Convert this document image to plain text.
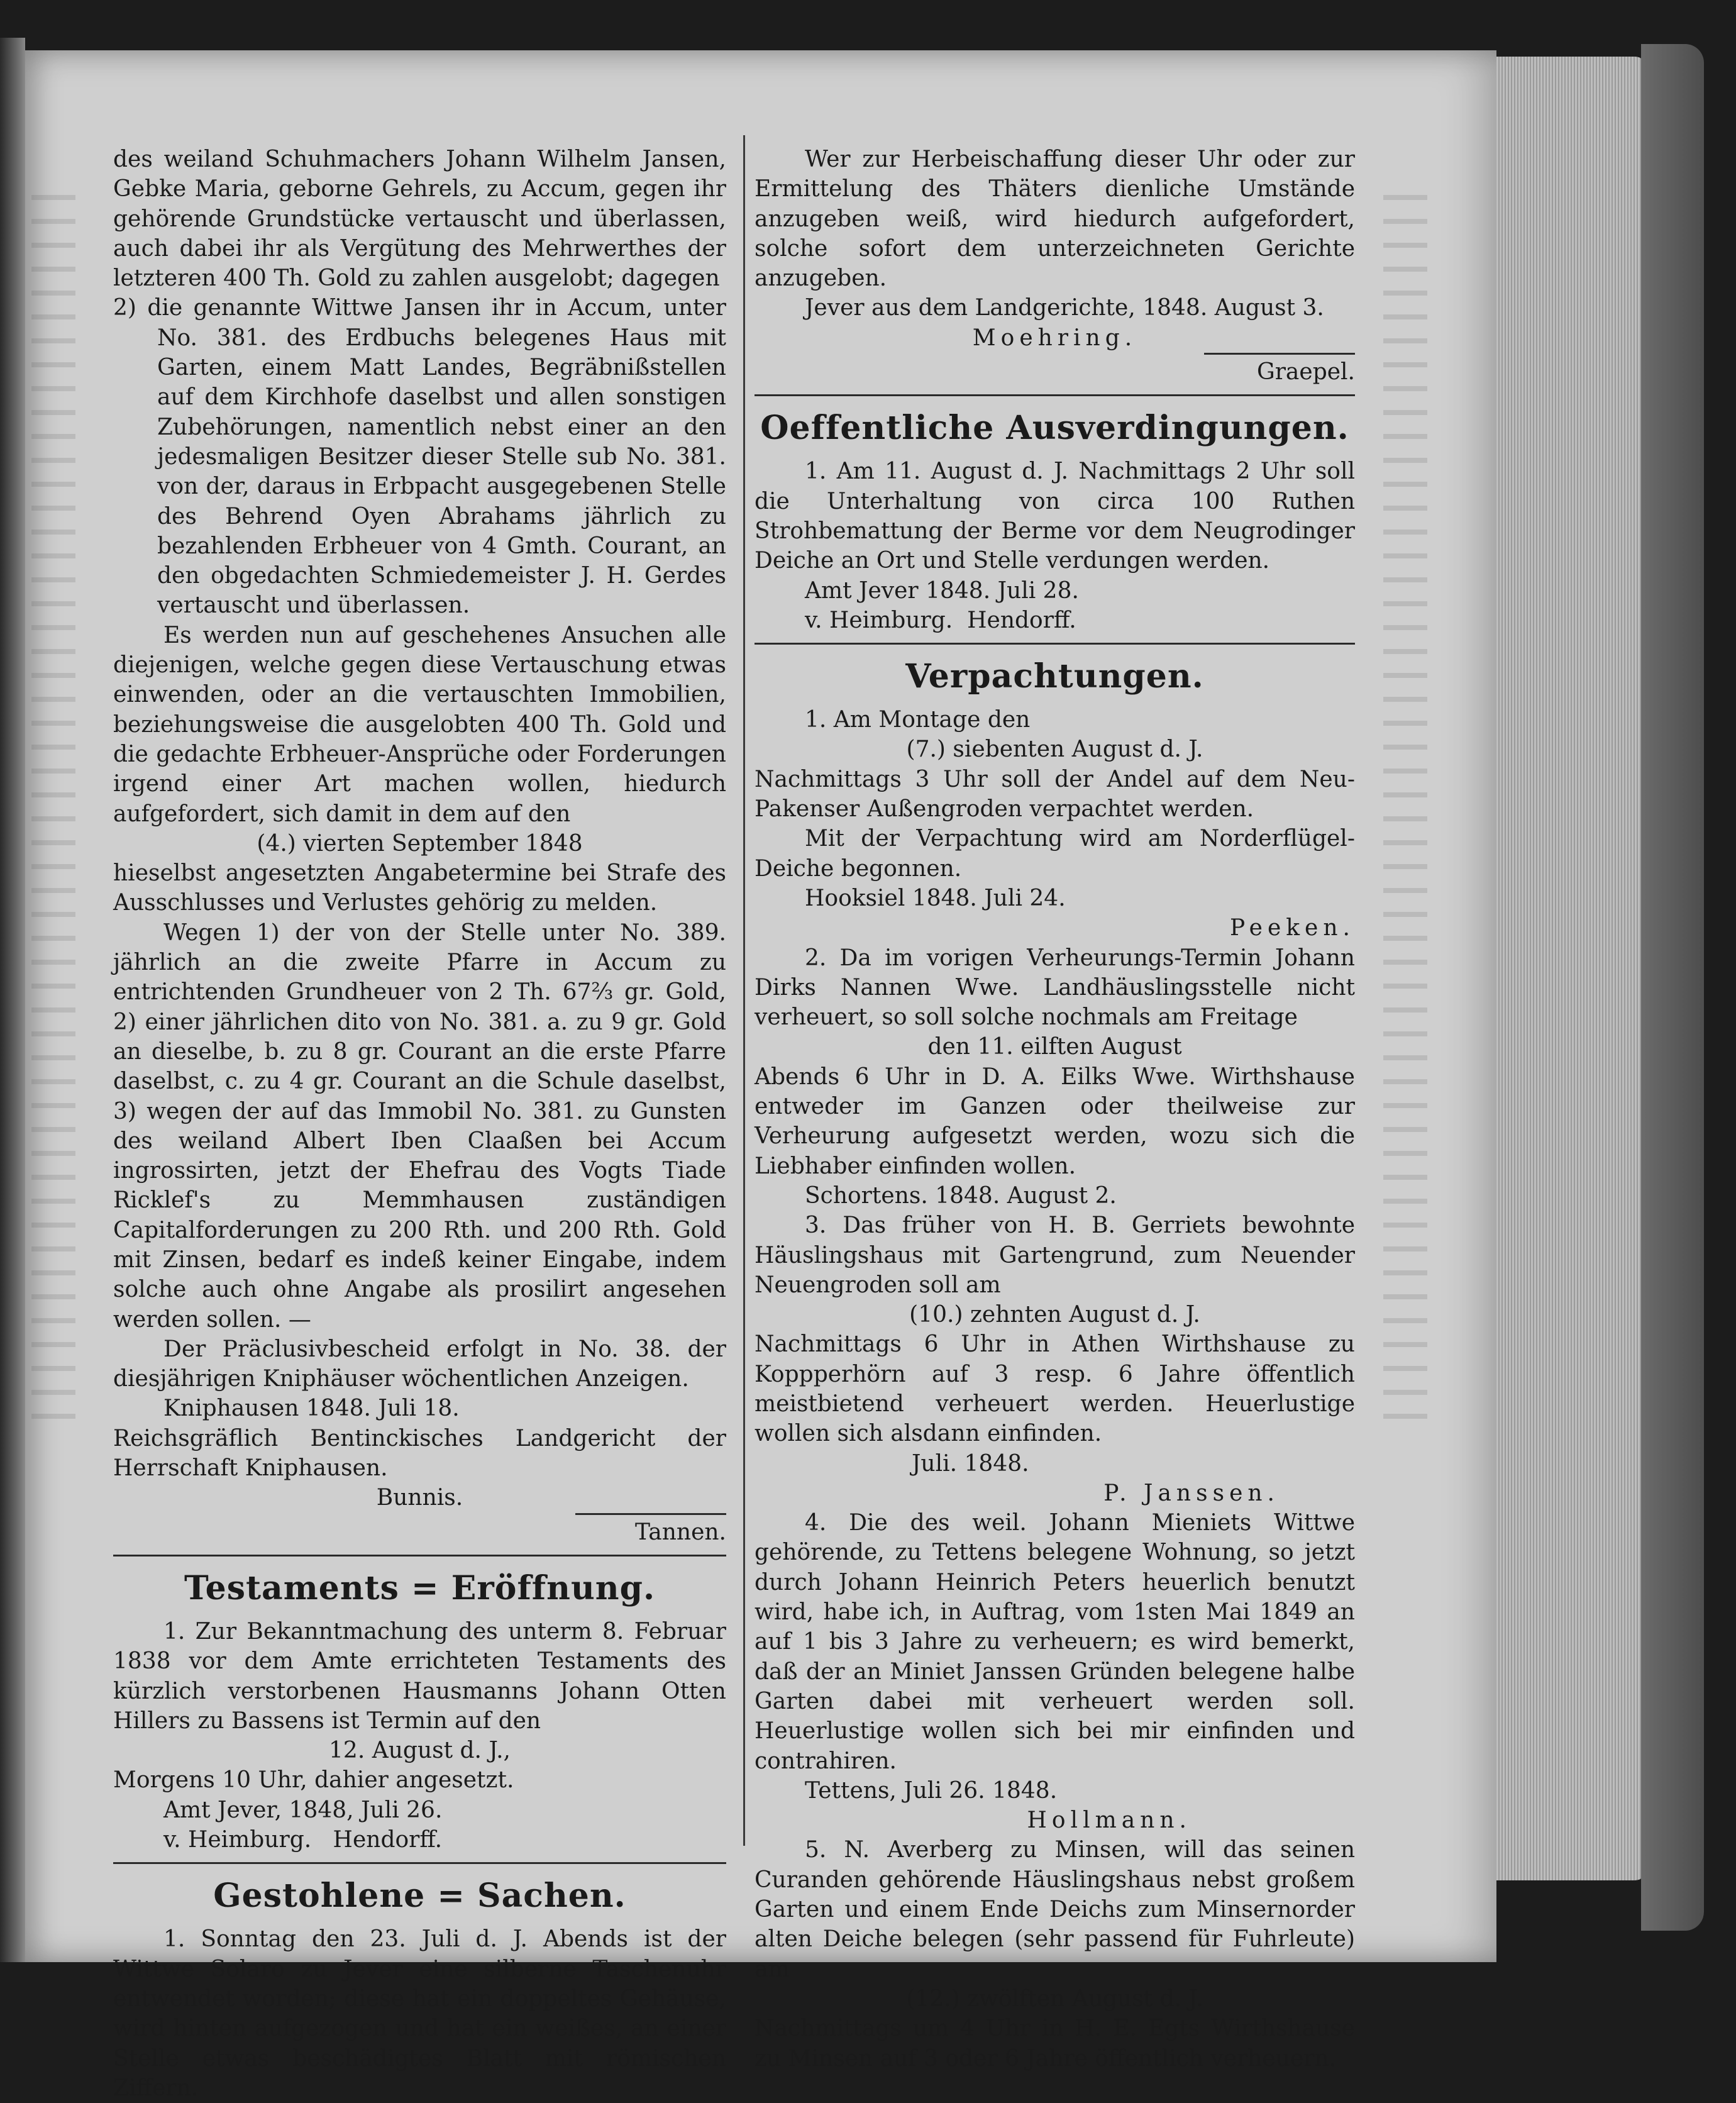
des weiland Schuhmachers Johann Wilhelm Jansen, Gebke Maria, geborne Gehrels, zu Accum, gegen ihr gehörende Grundstücke vertauscht und überlassen, auch dabei ihr als Vergütung des Mehrwerthes der letzteren 400 Th. Gold zu zahlen ausgelobt; dagegen

2) die genannte Wittwe Jansen ihr in Accum, unter No. 381. des Erdbuchs belegenes Haus mit Garten, einem Matt Landes, Begräbnißstellen auf dem Kirchhofe daselbst und allen sonstigen Zubehörungen, namentlich nebst einer an den jedesmaligen Besitzer dieser Stelle sub No. 381. von der, daraus in Erbpacht ausgegebenen Stelle des Behrend Oyen Abrahams jährlich zu bezahlenden Erbheuer von 4 Gmth. Courant, an den obgedachten Schmiedemeister J. H. Gerdes vertauscht und überlassen.

Es werden nun auf geschehenes Ansuchen alle diejenigen, welche gegen diese Vertauschung etwas einwenden, oder an die vertauschten Immobilien, beziehungsweise die ausgelobten 400 Th. Gold und die gedachte Erbheuer-Ansprüche oder Forderungen irgend einer Art machen wollen, hiedurch aufgefordert, sich damit in dem auf den

(4.) vierten September 1848

hieselbst angesetzten Angabetermine bei Strafe des Ausschlusses und Verlustes gehörig zu melden.

Wegen 1) der von der Stelle unter No. 389. jährlich an die zweite Pfarre in Accum zu entrichtenden Grundheuer von 2 Th. 67⅔ gr. Gold, 2) einer jährlichen dito von No. 381. a. zu 9 gr. Gold an dieselbe, b. zu 8 gr. Courant an die erste Pfarre daselbst, c. zu 4 gr. Courant an die Schule daselbst, 3) wegen der auf das Immobil No. 381. zu Gunsten des weiland Albert Iben Claaßen bei Accum ingrossirten, jetzt der Ehefrau des Vogts Tiade Ricklef's zu Memmhausen zuständigen Capitalforderungen zu 200 Rth. und 200 Rth. Gold mit Zinsen, bedarf es indeß keiner Eingabe, indem solche auch ohne Angabe als prosilirt angesehen werden sollen. —

Der Präclusivbescheid erfolgt in No. 38. der diesjährigen Kniphäuser wöchentlichen Anzeigen.

Kniphausen 1848. Juli 18.

Reichsgräflich Bentinckisches Landgericht der Herrschaft Kniphausen.

Bunnis.

Tannen.

Testaments = Eröffnung.

1. Zur Bekanntmachung des unterm 8. Februar 1838 vor dem Amte errichteten Testaments des kürzlich verstorbenen Hausmanns Johann Otten Hillers zu Bassens ist Termin auf den

12. August d. J.,

Morgens 10 Uhr, dahier angesetzt.

Amt Jever, 1848, Juli 26.

v. Heimburg.   Hendorff.

Gestohlene = Sachen.

1. Sonntag den 23. Juli d. J. Abends ist der Wittwe Solaro zu Jever eine silberne Taschenuhr entwendet worden; diese hat ein doppeltes Gehäuse, wird hinten aufgezogen und hat ein weißes, an einer Stelle etwas beschädigtes Blatt mit römischen Ziffern.

Wer zur Herbeischaffung dieser Uhr oder zur Ermittelung des Thäters dienliche Umstände anzugeben weiß, wird hiedurch aufgefordert, solche sofort dem unterzeichneten Gerichte anzugeben.

Jever aus dem Landgerichte, 1848. August 3.

Moehring.

Graepel.

Oeffentliche Ausverdingungen.

1. Am 11. August d. J. Nachmittags 2 Uhr soll die Unterhaltung von circa 100 Ruthen Strohbemattung der Berme vor dem Neugrodinger Deiche an Ort und Stelle verdungen werden.

Amt Jever 1848. Juli 28.

v. Heimburg.  Hendorff.

Verpachtungen.

1. Am Montage den

(7.) siebenten August d. J.

Nachmittags 3 Uhr soll der Andel auf dem Neu-Pakenser Außengroden verpachtet werden.

Mit der Verpachtung wird am Norderflügel-Deiche begonnen.

Hooksiel 1848. Juli 24.

Peeken.

2. Da im vorigen Verheurungs-Termin Johann Dirks Nannen Wwe. Landhäuslingsstelle nicht verheuert, so soll solche nochmals am Freitage

den 11. eilften August

Abends 6 Uhr in D. A. Eilks Wwe. Wirthshause entweder im Ganzen oder theilweise zur Verheurung aufgesetzt werden, wozu sich die Liebhaber einfinden wollen.

Schortens. 1848. August 2.

3. Das früher von H. B. Gerriets bewohnte Häuslingshaus mit Gartengrund, zum Neuender Neuengroden soll am

(10.) zehnten August d. J.

Nachmittags 6 Uhr in Athen Wirthshause zu Koppperhörn auf 3 resp. 6 Jahre öffentlich meistbietend verheuert werden. Heuerlustige wollen sich alsdann einfinden.

Juli. 1848.

P. Janssen.

4. Die des weil. Johann Mieniets Wittwe gehörende, zu Tettens belegene Wohnung, so jetzt durch Johann Heinrich Peters heuerlich benutzt wird, habe ich, in Auftrag, vom 1sten Mai 1849 an auf 1 bis 3 Jahre zu verheuern; es wird bemerkt, daß der an Miniet Janssen Gründen belegene halbe Garten dabei mit verheuert werden soll. Heuerlustige wollen sich bei mir einfinden und contrahiren.

Tettens, Juli 26. 1848.

Hollmann.

5. N. Averberg zu Minsen, will das seinen Curanden gehörende Häuslingshaus nebst großem Garten und einem Ende Deichs zum Minsernorder alten Deiche belegen (sehr passend für Fuhrleute) am

(12.) zwölften August d. J.

Nachmittags um 4 Uhr in H. E. Egts Wirthshause zu Minsen auf 3 oder 6 Jahre öffentlich verheuern.
